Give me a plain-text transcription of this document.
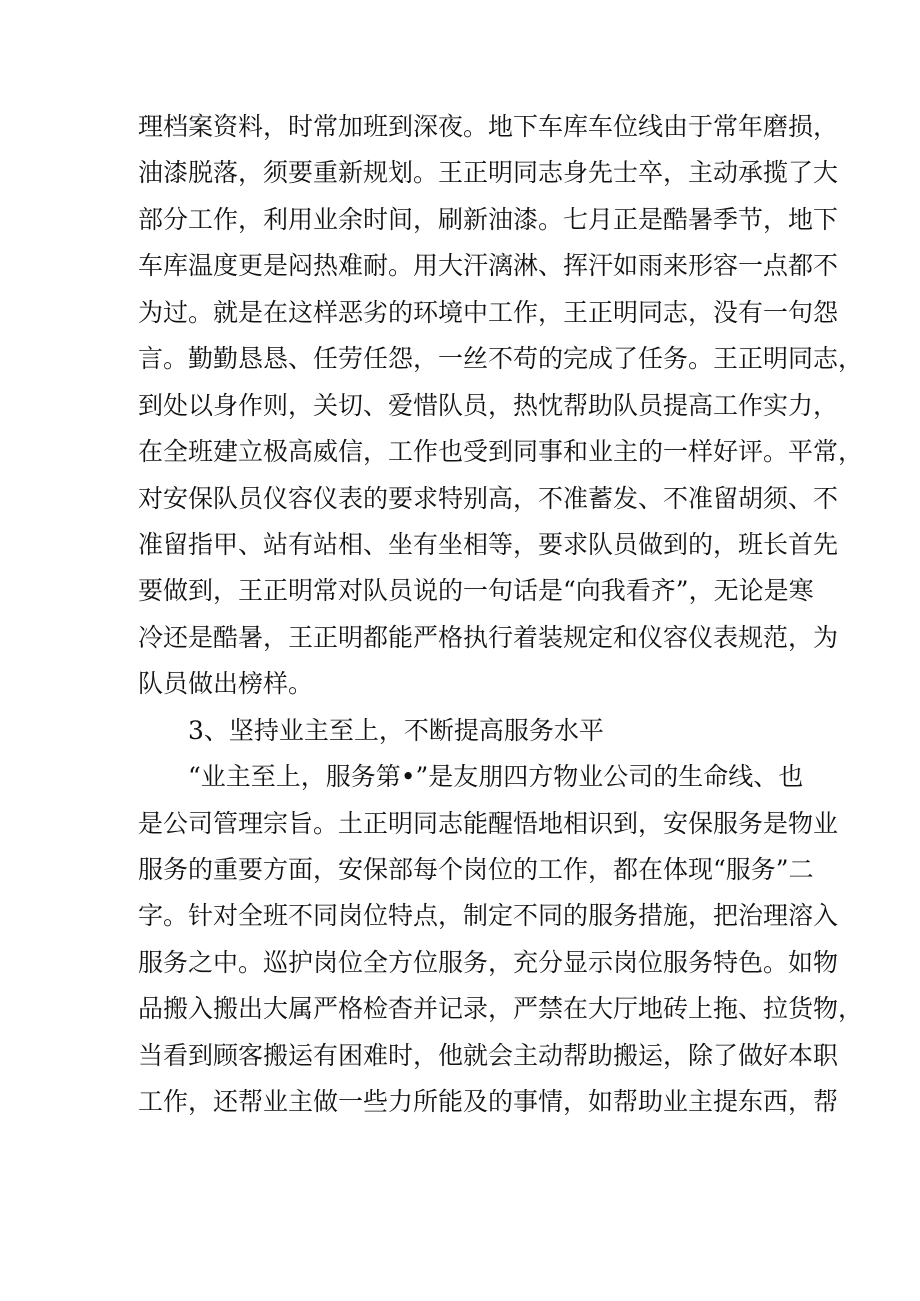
理档案资料，时常加班到深夜。地下车库车位线由于常年磨损，
油漆脱落，须要重新规划。王正明同志身先士卒，主动承揽了大
部分工作，利用业余时间，刷新油漆。七月正是酷暑季节，地下
车库温度更是闷热难耐。用大汗漓淋、挥汗如雨来形容一点都不
为过。就是在这样恶劣的环境中工作，王正明同志，没有一句怨
言。勤勤恳恳、任劳任怨，一丝不苟的完成了任务。王正明同志，
到处以身作则，关切、爱惜队员，热忱帮助队员提高工作实力，
在全班建立极高威信，工作也受到同事和业主的一样好评。平常，
对安保队员仪容仪表的要求特别高，不准蓄发、不准留胡须、不
准留指甲、站有站相、坐有坐相等，要求队员做到的，班长首先
要做到，王正明常对队员说的一句话是“向我看齐”，无论是寒
冷还是酷暑，王正明都能严格执行着装规定和仪容仪表规范，为
队员做出榜样。
3、坚持业主至上，不断提高服务水平
“业主至上，服务第•”是友朋四方物业公司的生命线、也
是公司管理宗旨。土正明同志能醒悟地相识到，安保服务是物业
服务的重要方面，安保部每个岗位的工作，都在体现“服务”二
字。针对全班不同岗位特点，制定不同的服务措施，把治理溶入
服务之中。巡护岗位全方位服务，充分显示岗位服务特色。如物
品搬入搬出大属严格检杳并记录，严禁在大厅地砖上拖、拉货物，
当看到顾客搬运有困难时，他就会主动帮助搬运，除了做好本职
工作，还帮业主做一些力所能及的事情，如帮助业主提东西，帮
